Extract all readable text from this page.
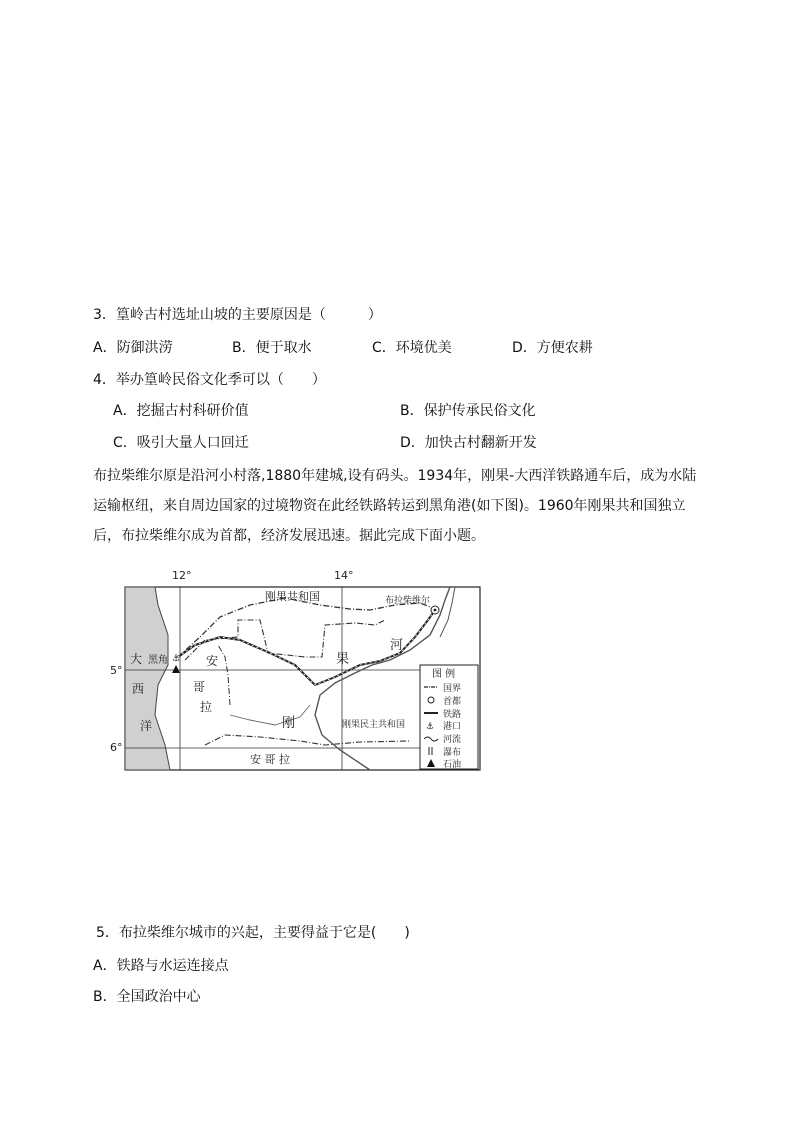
3．篁岭古村选址山坡的主要原因是（　　　）
A．防御洪涝	B．便于取水	C．环境优美	D．方便农耕
4．举办篁岭民俗文化季可以（　　）
A．挖掘古村科研价值	B．保护传承民俗文化
C．吸引大量人口回迁	D．加快古村翻新开发
布拉柴维尔原是沿河小村落,1880年建城,设有码头。1934年，刚果-大西洋铁路通车后，成为水陆运输枢纽，来自周边国家的过境物资在此经铁路转运到黑角港(如下图)。1960年刚果共和国独立后，布拉柴维尔成为首都，经济发展迅速。据此完成下面小题。
⚓
12°	14°
5°
6°
刚果共和国	布拉柴维尔
大
西
洋
黑角	安
哥
拉
刚
果
河
刚果民主共和国
安 哥 拉
图 例
国界
首都
铁路
⚓ 港口
河流
瀑布
石油
5．布拉柴维尔城市的兴起，主要得益于它是(　　)
A．铁路与水运连接点
B．全国政治中心
